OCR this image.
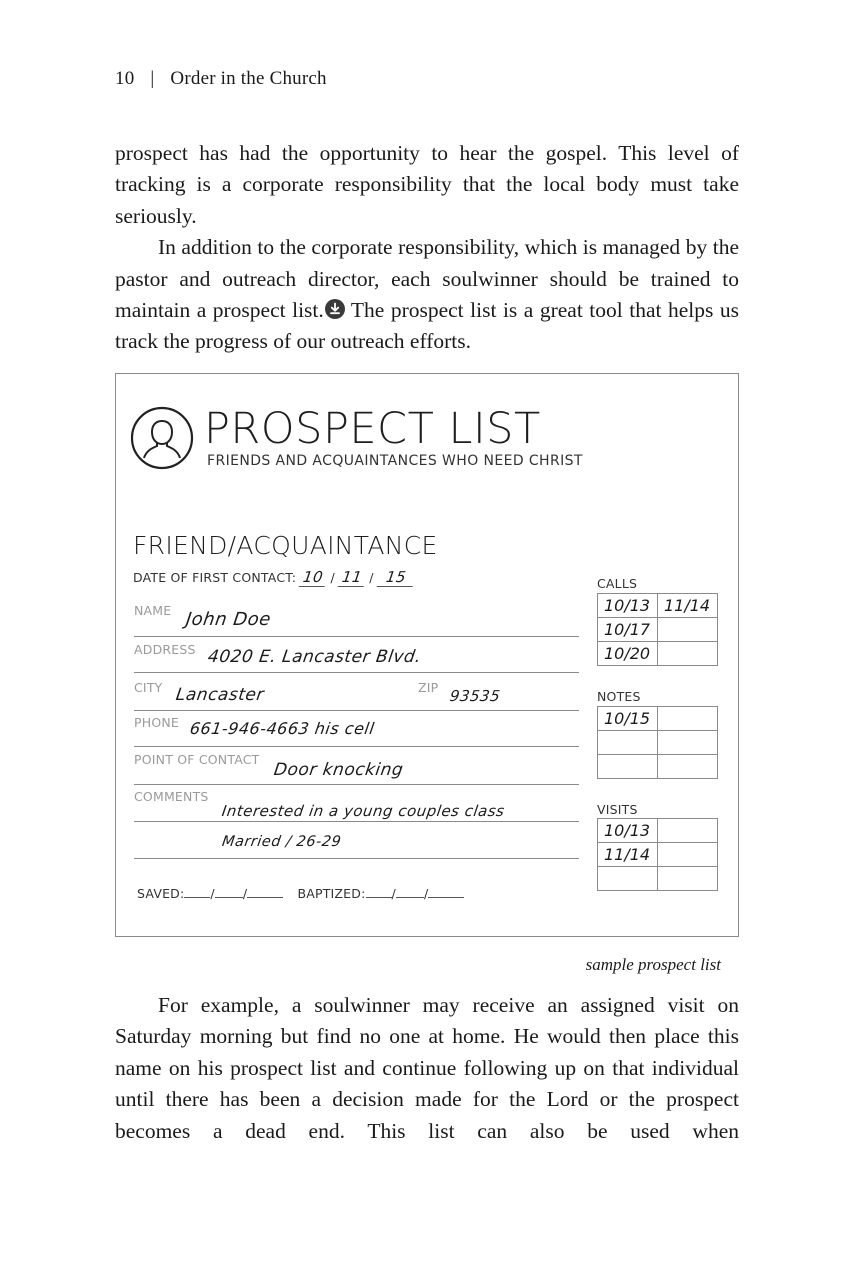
10 | Order in the Church

prospect has had the opportunity to hear the gospel. This level of tracking is a corporate responsibility that the local body must take seriously.

In addition to the corporate responsibility, which is managed by the pastor and outreach director, each soulwinner should be trained to maintain a prospect list.
The prospect list is a great tool that helps us track the progress of our outreach efforts.

PROSPECT LIST
FRIENDS AND ACQUAINTANCES WHO NEED CHRIST
FRIEND/ACQUAINTANCE
DATE OF FIRST CONTACT: 10 / 11 / 15
NAME John Doe
ADDRESS 4020 E. Lancaster Blvd.
CITY Lancaster	ZIP 93535
PHONE 661-946-4663 his cell
POINT OF CONTACT
Door knocking
COMMENTS
Interested in a young couples class
Married / 26-29
SAVED: / /	BAPTIZED: / /
CALLS
10/13	11/14
10/17	
10/20	
NOTES
10/15	

VISITS
10/13	
11/14	

sample prospect list

For example, a soulwinner may receive an assigned visit on Saturday morning but find no one at home. He would then place this name on his prospect list and continue following up on that individual until there has been a decision made for the Lord or the prospect becomes a dead end. This list can also be used when
